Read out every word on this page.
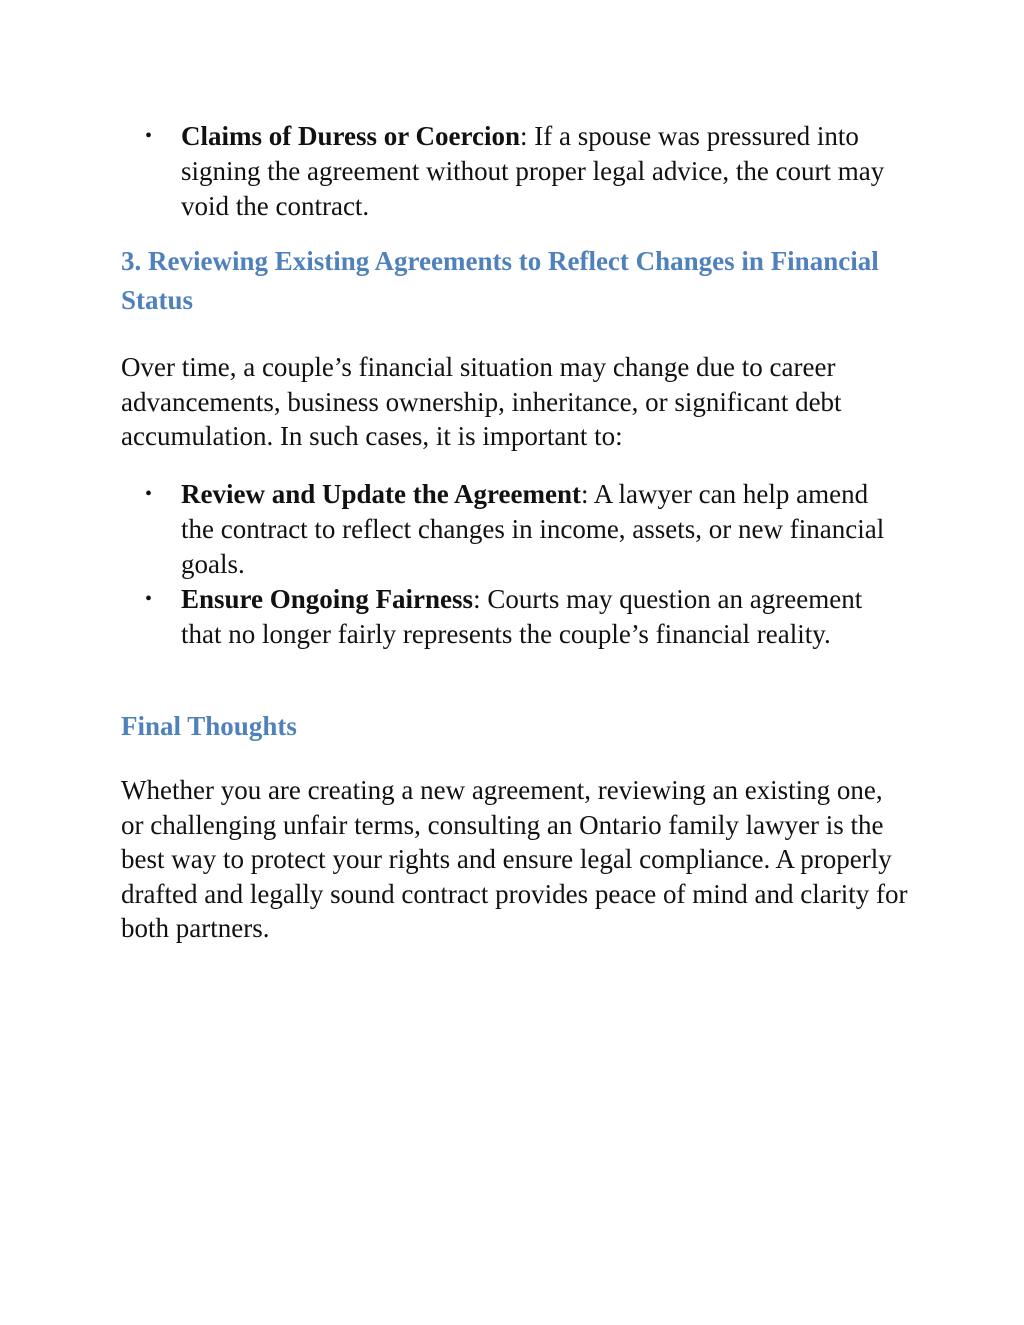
• Claims of Duress or Coercion: If a spouse was pressured into signing the agreement without proper legal advice, the court may void the contract.
3. Reviewing Existing Agreements to Reflect Changes in Financial Status

Over time, a couple’s financial situation may change due to career advancements, business ownership, inheritance, or significant debt accumulation. In such cases, it is important to:

• Review and Update the Agreement: A lawyer can help amend the contract to reflect changes in income, assets, or new financial goals.
• Ensure Ongoing Fairness: Courts may question an agreement that no longer fairly represents the couple’s financial reality.
Final Thoughts

Whether you are creating a new agreement, reviewing an existing one, or challenging unfair terms, consulting an Ontario family lawyer is the best way to protect your rights and ensure legal compliance. A properly drafted and legally sound contract provides peace of mind and clarity for both partners.
